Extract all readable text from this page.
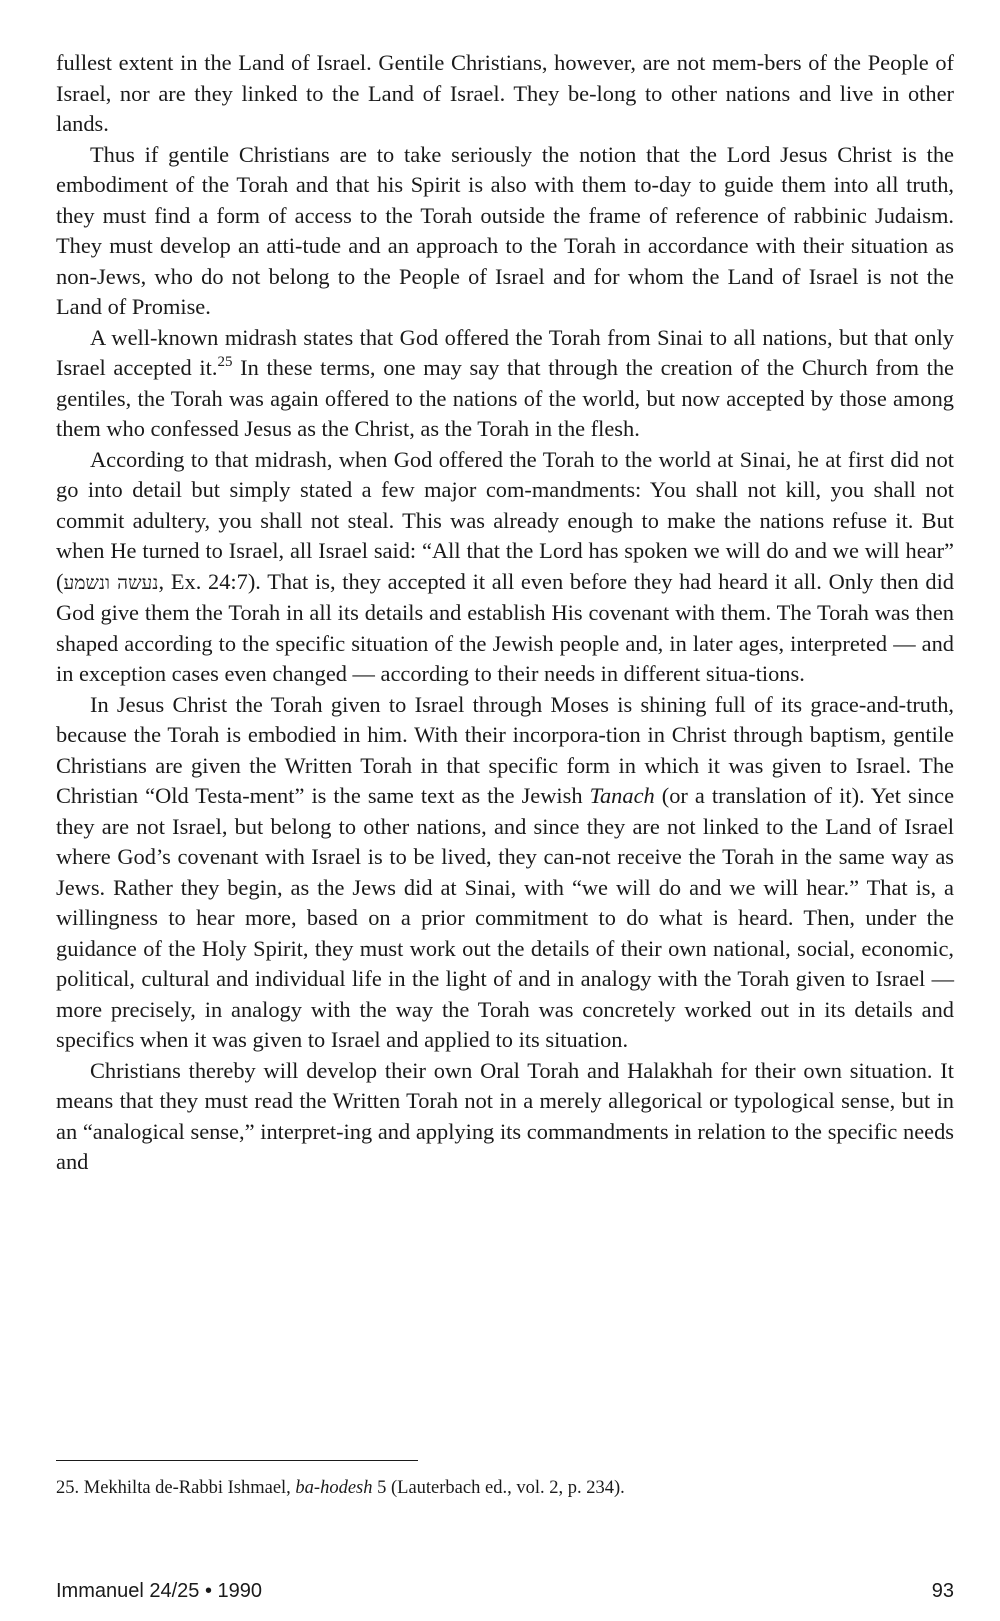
fullest extent in the Land of Israel. Gentile Christians, however, are not mem-bers of the People of Israel, nor are they linked to the Land of Israel. They be-long to other nations and live in other lands.

Thus if gentile Christians are to take seriously the notion that the Lord Jesus Christ is the embodiment of the Torah and that his Spirit is also with them to-day to guide them into all truth, they must find a form of access to the Torah outside the frame of reference of rabbinic Judaism. They must develop an atti-tude and an approach to the Torah in accordance with their situation as non-Jews, who do not belong to the People of Israel and for whom the Land of Israel is not the Land of Promise.

A well-known midrash states that God offered the Torah from Sinai to all nations, but that only Israel accepted it.$^{25}$ In these terms, one may say that through the creation of the Church from the gentiles, the Torah was again offered to the nations of the world, but now accepted by those among them who confessed Jesus as the Christ, as the Torah in the flesh.

According to that midrash, when God offered the Torah to the world at Sinai, he at first did not go into detail but simply stated a few major com-mandments: You shall not kill, you shall not commit adultery, you shall not steal. This was already enough to make the nations refuse it. But when He turned to Israel, all Israel said: “All that the Lord has spoken we will do and we will hear” (נעשה ונשמע, Ex. 24:7). That is, they accepted it all even before they had heard it all. Only then did God give them the Torah in all its details and establish His covenant with them. The Torah was then shaped according to the specific situation of the Jewish people and, in later ages, interpreted — and in exception cases even changed — according to their needs in different situa-tions.

In Jesus Christ the Torah given to Israel through Moses is shining full of its grace-and-truth, because the Torah is embodied in him. With their incorpora-tion in Christ through baptism, gentile Christians are given the Written Torah in that specific form in which it was given to Israel. The Christian “Old Testa-ment” is the same text as the Jewish Tanach (or a translation of it). Yet since they are not Israel, but belong to other nations, and since they are not linked to the Land of Israel where God’s covenant with Israel is to be lived, they can-not receive the Torah in the same way as Jews. Rather they begin, as the Jews did at Sinai, with “we will do and we will hear.” That is, a willingness to hear more, based on a prior commitment to do what is heard. Then, under the guidance of the Holy Spirit, they must work out the details of their own national, social, economic, political, cultural and individual life in the light of and in analogy with the Torah given to Israel — more precisely, in analogy with the way the Torah was concretely worked out in its details and specifics when it was given to Israel and applied to its situation.

Christians thereby will develop their own Oral Torah and Halakhah for their own situation. It means that they must read the Written Torah not in a merely allegorical or typological sense, but in an “analogical sense,” interpret-ing and applying its commandments in relation to the specific needs and

25. Mekhilta de-Rabbi Ishmael, ba-hodesh 5 (Lauterbach ed., vol. 2, p. 234).
Immanuel 24/25 • 1990	93
